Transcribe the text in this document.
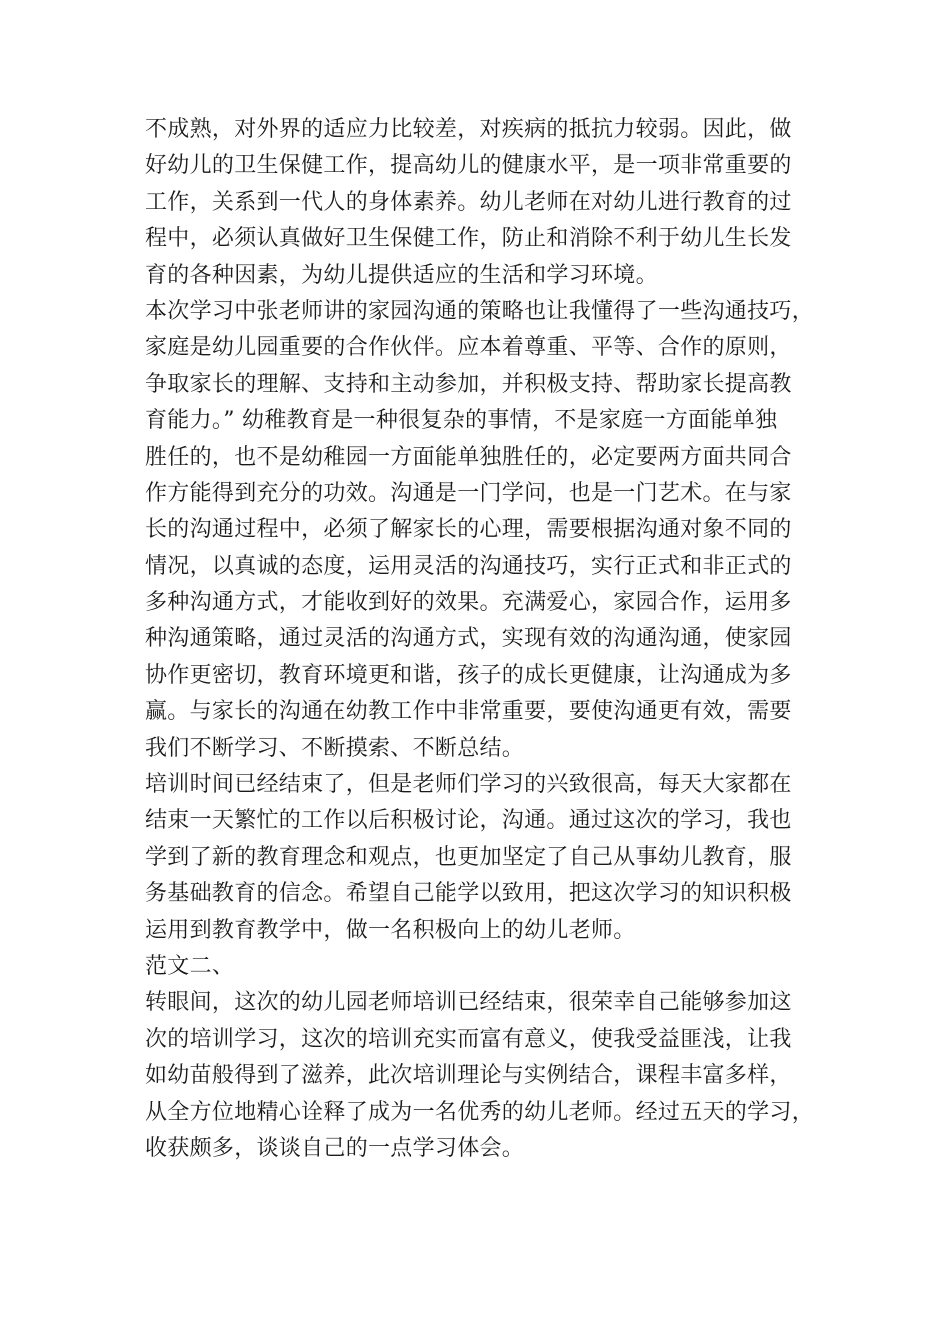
不成熟，对外界的适应力比较差，对疾病的抵抗力较弱。因此，做
好幼儿的卫生保健工作，提高幼儿的健康水平，是一项非常重要的
工作，关系到一代人的身体素养。幼儿老师在对幼儿进行教育的过
程中，必须认真做好卫生保健工作，防止和消除不利于幼儿生长发
育的各种因素，为幼儿提供适应的生活和学习环境。
本次学习中张老师讲的家园沟通的策略也让我懂得了一些沟通技巧，
家庭是幼儿园重要的合作伙伴。应本着尊重、平等、合作的原则，
争取家长的理解、支持和主动参加，并积极支持、帮助家长提高教
育能力。” 幼稚教育是一种很复杂的事情，不是家庭一方面能单独
胜任的，也不是幼稚园一方面能单独胜任的，必定要两方面共同合
作方能得到充分的功效。沟通是一门学问，也是一门艺术。在与家
长的沟通过程中，必须了解家长的心理，需要根据沟通对象不同的
情况，以真诚的态度，运用灵活的沟通技巧，实行正式和非正式的
多种沟通方式，才能收到好的效果。充满爱心，家园合作，运用多
种沟通策略，通过灵活的沟通方式，实现有效的沟通沟通，使家园
协作更密切，教育环境更和谐，孩子的成长更健康，让沟通成为多
赢。与家长的沟通在幼教工作中非常重要，要使沟通更有效，需要
我们不断学习、不断摸索、不断总结。
培训时间已经结束了，但是老师们学习的兴致很高，每天大家都在
结束一天繁忙的工作以后积极讨论，沟通。通过这次的学习，我也
学到了新的教育理念和观点，也更加坚定了自己从事幼儿教育，服
务基础教育的信念。希望自己能学以致用，把这次学习的知识积极
运用到教育教学中，做一名积极向上的幼儿老师。
范文二、
转眼间，这次的幼儿园老师培训已经结束，很荣幸自己能够参加这
次的培训学习，这次的培训充实而富有意义，使我受益匪浅，让我
如幼苗般得到了滋养，此次培训理论与实例结合，课程丰富多样，
从全方位地精心诠释了成为一名优秀的幼儿老师。经过五天的学习，
收获颇多，谈谈自己的一点学习体会。
